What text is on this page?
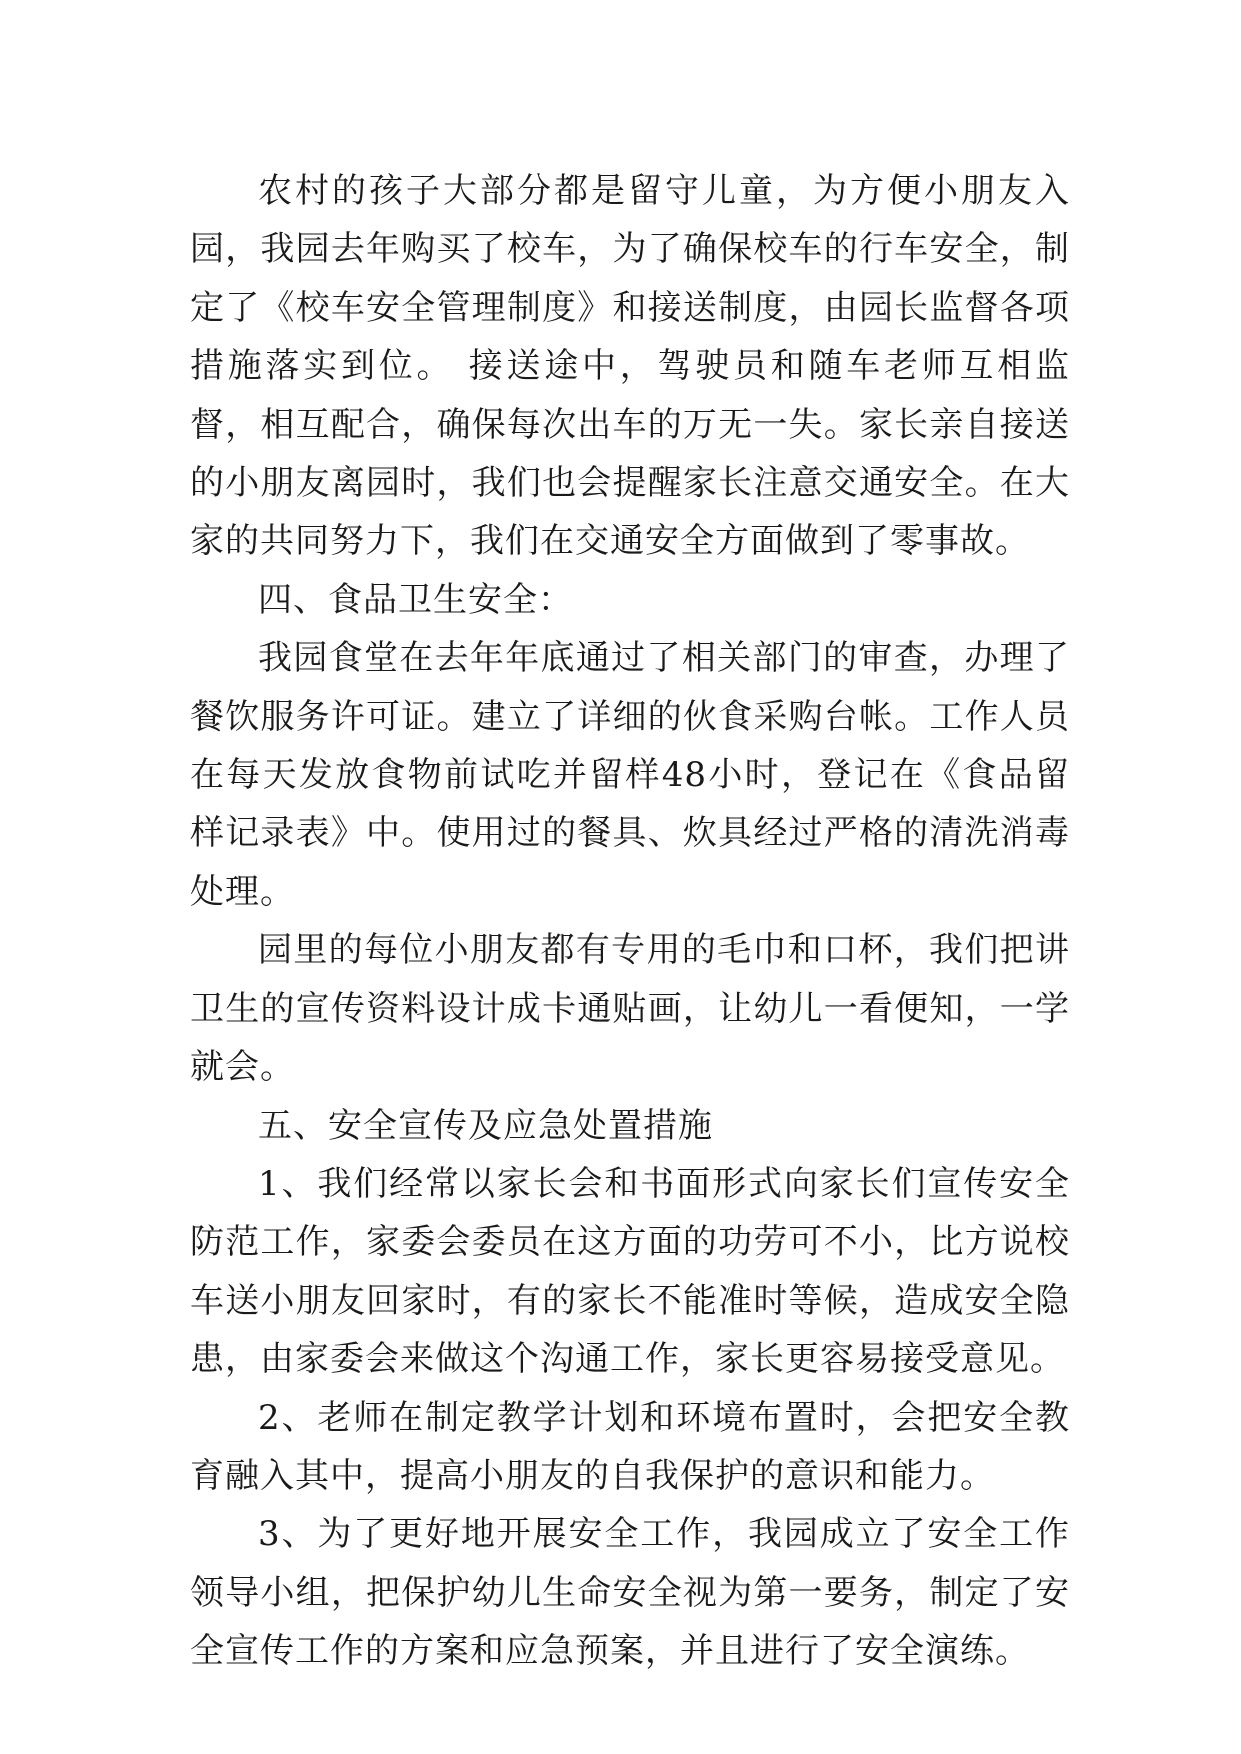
农村的孩子大部分都是留守儿童，为方便小朋友入园，我园去年购买了校车，为了确保校车的行车安全，制定了《校车安全管理制度》和接送制度，由园长监督各项措施落实到位。 接送途中，驾驶员和随车老师互相监督，相互配合，确保每次出车的万无一失。家长亲自接送的小朋友离园时，我们也会提醒家长注意交通安全。在大家的共同努力下，我们在交通安全方面做到了零事故。

四、食品卫生安全：

我园食堂在去年年底通过了相关部门的审查，办理了餐饮服务许可证。建立了详细的伙食采购台帐。工作人员在每天发放食物前试吃并留样48小时，登记在《食品留样记录表》中。使用过的餐具、炊具经过严格的清洗消毒处理。

园里的每位小朋友都有专用的毛巾和口杯，我们把讲卫生的宣传资料设计成卡通贴画，让幼儿一看便知，一学就会。

五、安全宣传及应急处置措施

1、我们经常以家长会和书面形式向家长们宣传安全防范工作，家委会委员在这方面的功劳可不小，比方说校车送小朋友回家时，有的家长不能准时等候，造成安全隐患，由家委会来做这个沟通工作，家长更容易接受意见。

2、老师在制定教学计划和环境布置时，会把安全教育融入其中，提高小朋友的自我保护的意识和能力。

3、为了更好地开展安全工作，我园成立了安全工作领导小组，把保护幼儿生命安全视为第一要务，制定了安全宣传工作的方案和应急预案，并且进行了安全演练。
